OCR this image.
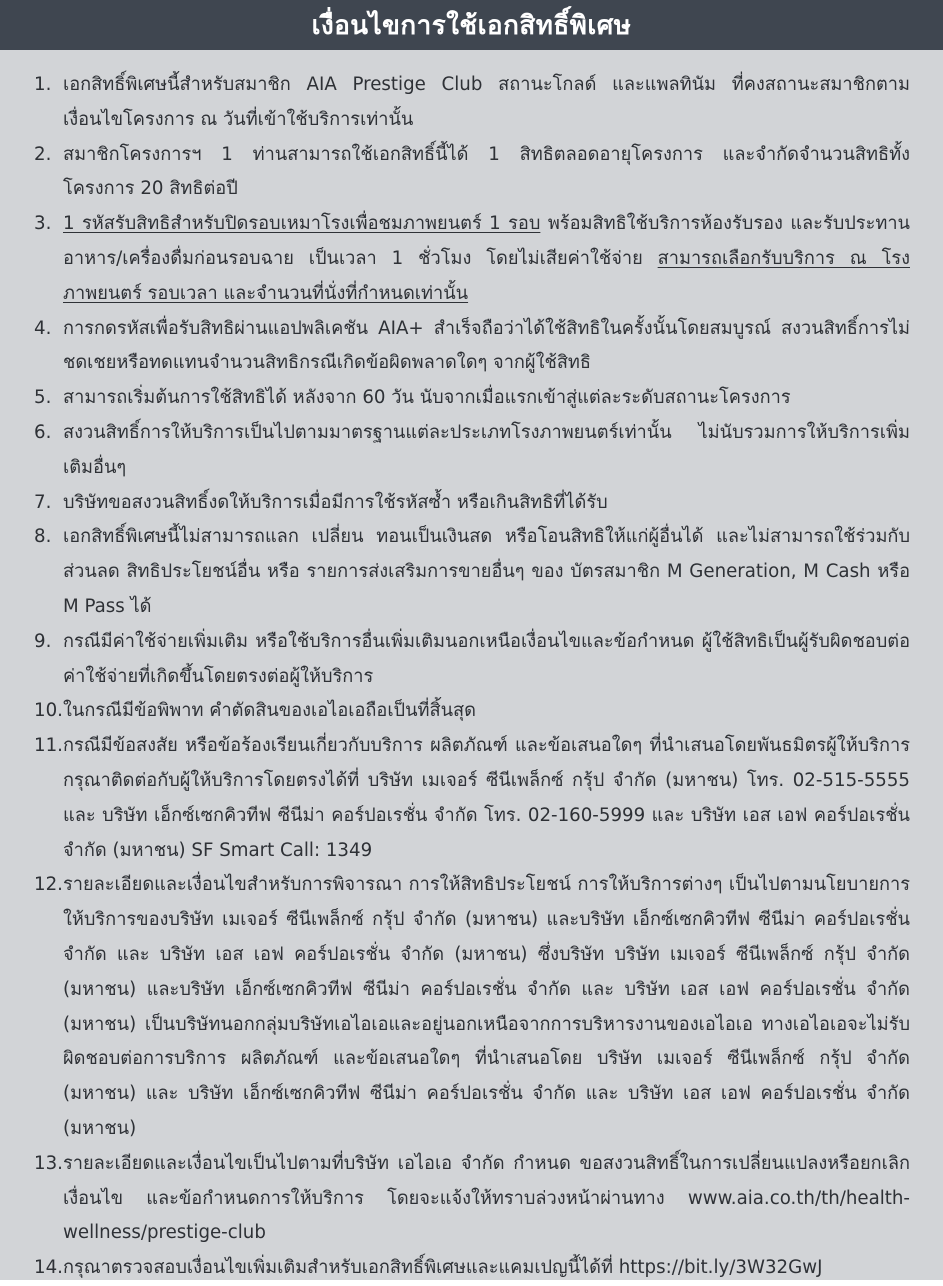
เงื่อนไขการใช้เอกสิทธิ์พิเศษ
1. เอกสิทธิ์พิเศษนี้สำหรับสมาชิก AIA Prestige Club สถานะโกลด์ และแพลทินัม ที่คงสถานะสมาชิกตามเงื่อนไขโครงการ ณ วันที่เข้าใช้บริการเท่านั้น
2. สมาชิกโครงการฯ 1 ท่านสามารถใช้เอกสิทธิ์นี้ได้ 1 สิทธิตลอดอายุโครงการ และจำกัดจำนวนสิทธิทั้งโครงการ 20 สิทธิต่อปี
3. 1 รหัสรับสิทธิสำหรับปิดรอบเหมาโรงเพื่อชมภาพยนตร์ 1 รอบ พร้อมสิทธิใช้บริการห้องรับรอง และรับประทานอาหาร/เครื่องดื่มก่อนรอบฉาย เป็นเวลา 1 ชั่วโมง โดยไม่เสียค่าใช้จ่าย สามารถเลือกรับบริการ ณ โรงภาพยนตร์ รอบเวลา และจำนวนที่นั่งที่กำหนดเท่านั้น
4. การกดรหัสเพื่อรับสิทธิผ่านแอปพลิเคชัน AIA+ สำเร็จถือว่าได้ใช้สิทธิในครั้งนั้นโดยสมบูรณ์ สงวนสิทธิ์การไม่ชดเชยหรือทดแทนจำนวนสิทธิกรณีเกิดข้อผิดพลาดใดๆ จากผู้ใช้สิทธิ
5. สามารถเริ่มต้นการใช้สิทธิได้ หลังจาก 60 วัน นับจากเมื่อแรกเข้าสู่แต่ละระดับสถานะโครงการ
6. สงวนสิทธิ์การให้บริการเป็นไปตามมาตรฐานแต่ละประเภทโรงภาพยนตร์เท่านั้น ไม่นับรวมการให้บริการเพิ่มเติมอื่นๆ
7. บริษัทขอสงวนสิทธิ์งดให้บริการเมื่อมีการใช้รหัสซ้ำ หรือเกินสิทธิที่ได้รับ
8. เอกสิทธิ์พิเศษนี้ไม่สามารถแลก เปลี่ยน ทอนเป็นเงินสด หรือโอนสิทธิให้แก่ผู้อื่นได้ และไม่สามารถใช้ร่วมกับส่วนลด สิทธิประโยชน์อื่น หรือ รายการส่งเสริมการขายอื่นๆ ของ บัตรสมาชิก M Generation, M Cash หรือ M Pass ได้
9. กรณีมีค่าใช้จ่ายเพิ่มเติม หรือใช้บริการอื่นเพิ่มเติมนอกเหนือเงื่อนไขและข้อกำหนด ผู้ใช้สิทธิเป็นผู้รับผิดชอบต่อค่าใช้จ่ายที่เกิดขึ้นโดยตรงต่อผู้ให้บริการ
10. ในกรณีมีข้อพิพาท คำตัดสินของเอไอเอถือเป็นที่สิ้นสุด
11. กรณีมีข้อสงสัย หรือข้อร้องเรียนเกี่ยวกับบริการ ผลิตภัณฑ์ และข้อเสนอใดๆ ที่นำเสนอโดยพันธมิตรผู้ให้บริการ กรุณาติดต่อกับผู้ให้บริการโดยตรงได้ที่ บริษัท เมเจอร์ ซีนีเพล็กซ์ กรุ้ป จำกัด (มหาชน) โทร. 02-515-5555 และ บริษัท เอ็กซ์เซกคิวทีฟ ซีนีม่า คอร์ปอเรชั่น จำกัด โทร. 02-160-5999 และ บริษัท เอส เอฟ คอร์ปอเรชั่น จำกัด (มหาชน) SF Smart Call: 1349
12. รายละเอียดและเงื่อนไขสำหรับการพิจารณา การให้สิทธิประโยชน์ การให้บริการต่างๆ เป็นไปตามนโยบายการให้บริการของบริษัท เมเจอร์ ซีนีเพล็กซ์ กรุ้ป จำกัด (มหาชน) และบริษัท เอ็กซ์เซกคิวทีฟ ซีนีม่า คอร์ปอเรชั่น จำกัด และ บริษัท เอส เอฟ คอร์ปอเรชั่น จำกัด (มหาชน) ซึ่งบริษัท บริษัท เมเจอร์ ซีนีเพล็กซ์ กรุ้ป จำกัด (มหาชน) และบริษัท เอ็กซ์เซกคิวทีฟ ซีนีม่า คอร์ปอเรชั่น จำกัด และ บริษัท เอส เอฟ คอร์ปอเรชั่น จำกัด (มหาชน) เป็นบริษัทนอกกลุ่มบริษัทเอไอเอและอยู่นอกเหนือจากการบริหารงานของเอไอเอ ทางเอไอเอจะไม่รับผิดชอบต่อการบริการ ผลิตภัณฑ์ และข้อเสนอใดๆ ที่นำเสนอโดย บริษัท เมเจอร์ ซีนีเพล็กซ์ กรุ้ป จำกัด (มหาชน) และ บริษัท เอ็กซ์เซกคิวทีฟ ซีนีม่า คอร์ปอเรชั่น จำกัด และ บริษัท เอส เอฟ คอร์ปอเรชั่น จำกัด (มหาชน)
13. รายละเอียดและเงื่อนไขเป็นไปตามที่บริษัท เอไอเอ จำกัด กำหนด ขอสงวนสิทธิ์ในการเปลี่ยนแปลงหรือยกเลิกเงื่อนไข และข้อกำหนดการให้บริการ โดยจะแจ้งให้ทราบล่วงหน้าผ่านทาง www.aia.co.th/th/health-wellness/prestige-club
14. กรุณาตรวจสอบเงื่อนไขเพิ่มเติมสำหรับเอกสิทธิ์พิเศษและแคมเปญนี้ได้ที่ https://bit.ly/3W32GwJ
